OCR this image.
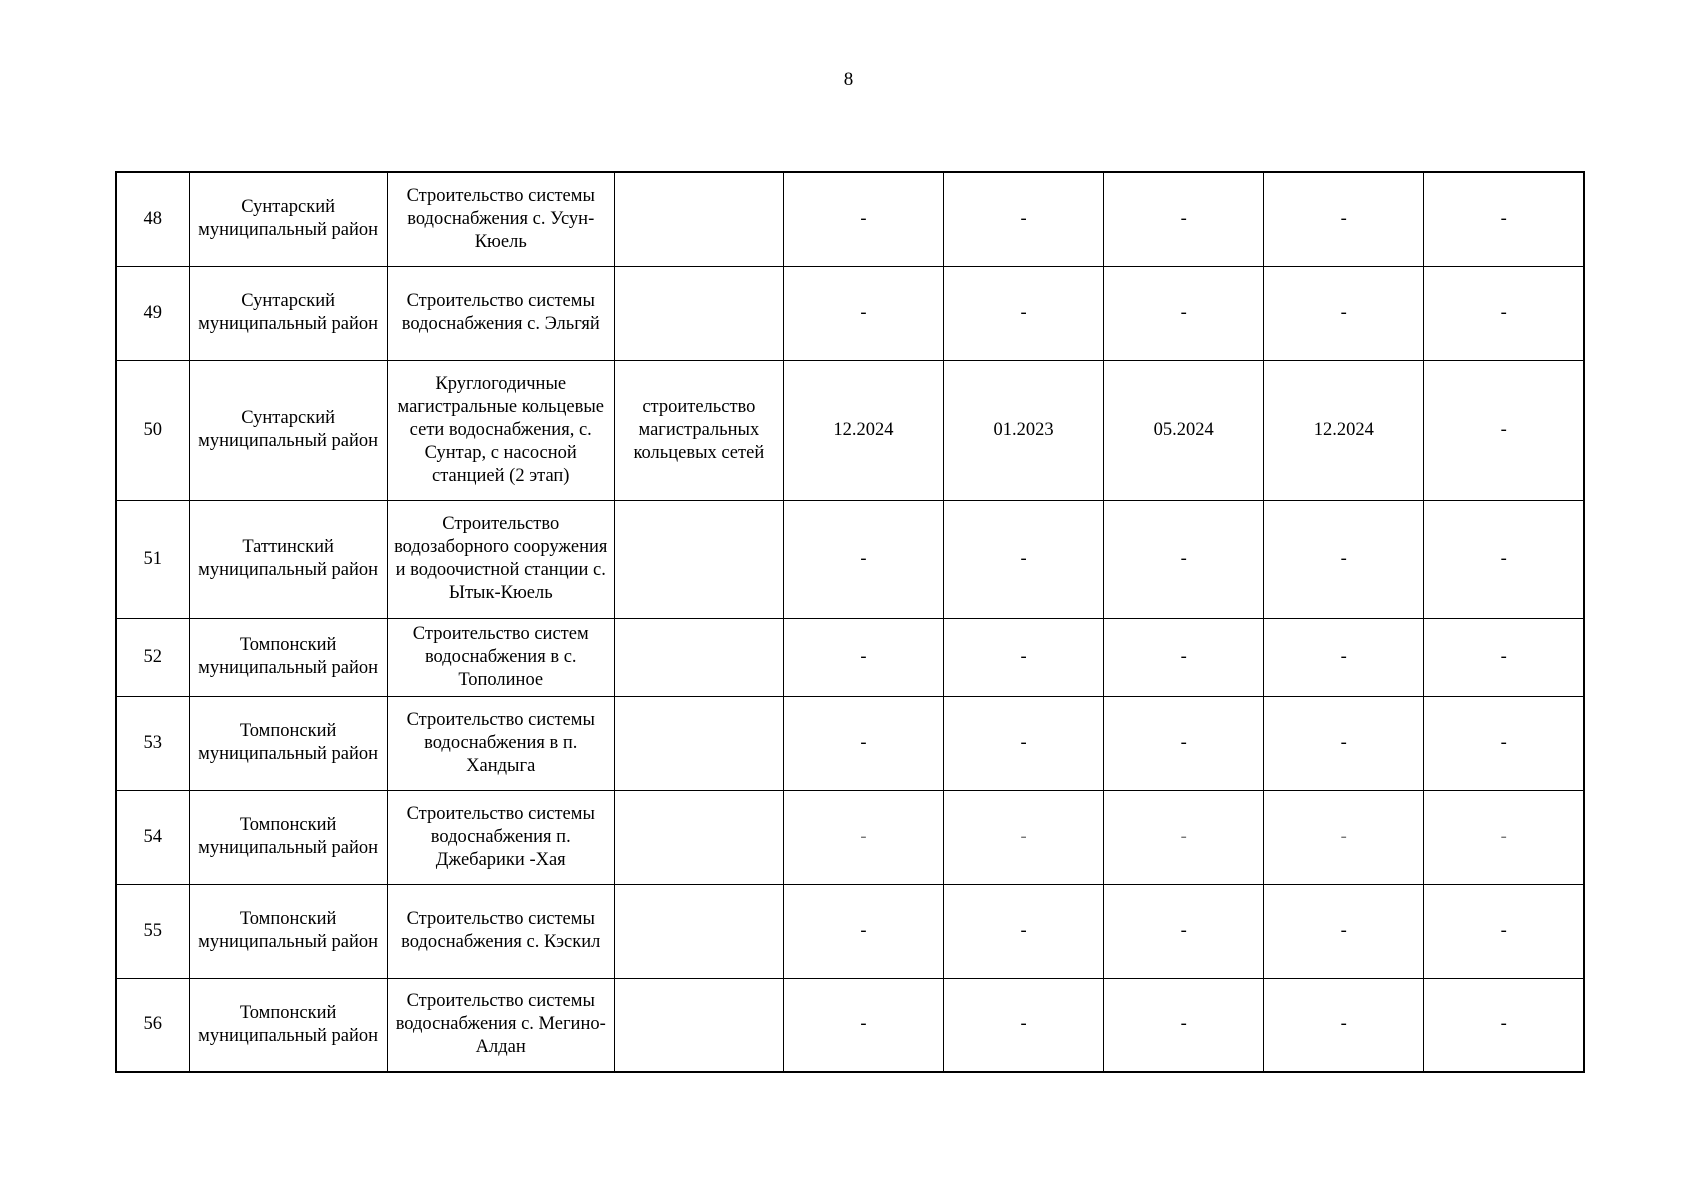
8
48	Сунтарский муниципальный район	Строительство системы водоснабжения с. Усун-Кюель		-	-	-	-	-
49	Сунтарский муниципальный район	Строительство системы водоснабжения с. Эльгяй		-	-	-	-	-
50	Сунтарский муниципальный район	Круглогодичные магистральные кольцевые сети водоснабжения, с. Сунтар, с насосной станцией (2 этап)	строительство магистральных кольцевых сетей	12.2024	01.2023	05.2024	12.2024	-
51	Таттинский муниципальный район	Строительство водозаборного сооружения и водоочистной станции с. Ытык-Кюель		-	-	-	-	-
52	Томпонский муниципальный район	Строительство систем водоснабжения в с. Тополиное		-	-	-	-	-
53	Томпонский муниципальный район	Строительство системы водоснабжения в п. Хандыга		-	-	-	-	-
54	Томпонский муниципальный район	Строительство системы водоснабжения п. Джебарики -Хая		-	-	-	-	-
55	Томпонский муниципальный район	Строительство системы водоснабжения с. Кэскил		-	-	-	-	-
56	Томпонский муниципальный район	Строительство системы водоснабжения с. Мегино-Алдан		-	-	-	-	-
